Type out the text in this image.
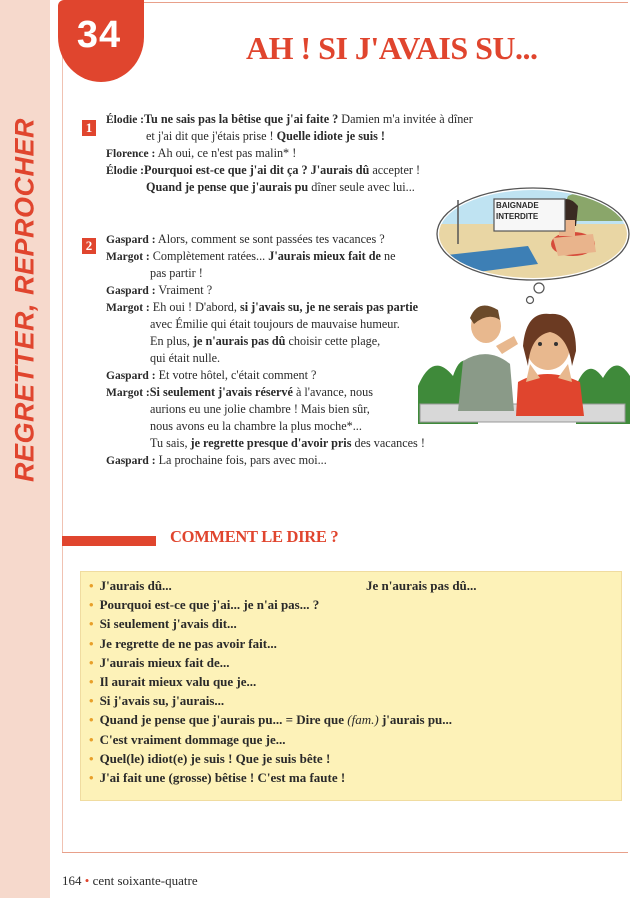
REGRETTER, REPROCHER
34	AH ! SI J'AVAIS SU...
1	Élodie :Tu ne sais pas la bêtise que j'ai faite ? Damien m'a invitée à dîner
et j'ai dit que j'étais prise ! Quelle idiote je suis !
Florence : Ah oui, ce n'est pas malin* !
Élodie :Pourquoi est-ce que j'ai dit ça ? J'aurais dû accepter !
Quand je pense que j'aurais pu dîner seule avec lui...
2	Gaspard : Alors, comment se sont passées tes vacances ?
Margot : Complètement ratées... J'aurais mieux fait de ne
pas partir !
Gaspard : Vraiment ?
Margot : Eh oui ! D'abord, si j'avais su, je ne serais pas partie
avec Émilie qui était toujours de mauvaise humeur.
En plus, je n'aurais pas dû choisir cette plage,
qui était nulle.
Gaspard : Et votre hôtel, c'était comment ?
Margot :Si seulement j'avais réservé à l'avance, nous
aurions eu une jolie chambre ! Mais bien sûr,
nous avons eu la chambre la plus moche*...
Tu sais, je regrette presque d'avoir pris des vacances !
Gaspard : La prochaine fois, pars avec moi...
BAIGNADE
INTERDITE
COMMENT LE DIRE ?
• J'aurais dû...	Je n'aurais pas dû...
• Pourquoi est-ce que j'ai... je n'ai pas... ?
• Si seulement j'avais dit...
• Je regrette de ne pas avoir fait...
• J'aurais mieux fait de...
• Il aurait mieux valu que je...
• Si j'avais su, j'aurais...
• Quand je pense que j'aurais pu... = Dire que (fam.) j'aurais pu...
• C'est vraiment dommage que je...
• Quel(le) idiot(e) je suis ! Que je suis bête !
• J'ai fait une (grosse) bêtise ! C'est ma faute !
164 • cent soixante-quatre
